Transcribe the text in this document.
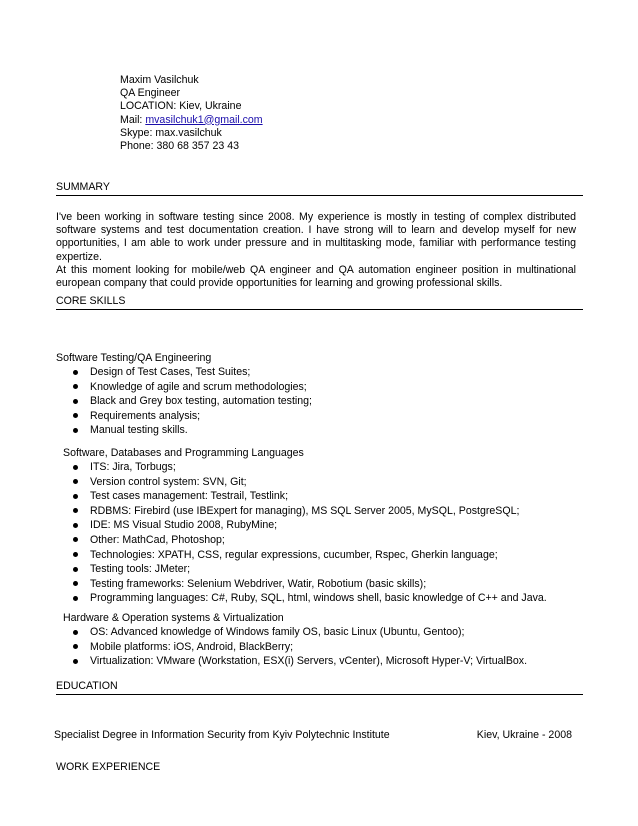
Maxim Vasilchuk
QA Engineer
LOCATION: Kiev, Ukraine
Mail: mvasilchuk1@gmail.com
Skype: max.vasilchuk
Phone: 380 68 357 23 43
SUMMARY

I've been working in software testing since 2008. My experience is mostly in testing of complex distributed software systems and test documentation creation. I have strong will to learn and develop myself for new opportunities, I am able to work under pressure and in multitasking mode, familiar with performance testing expertize.

At this moment looking for mobile/web QA engineer and QA automation engineer position in multinational european company that could provide opportunities for learning and growing professional skills.

CORE SKILLS
Software Testing/QA Engineering
Design of Test Cases, Test Suites;
Knowledge of agile and scrum methodologies;
Black and Grey box testing, automation testing;
Requirements analysis;
Manual testing skills.
Software, Databases and Programming Languages
ITS: Jira, Torbugs;
Version control system: SVN, Git;
Test cases management: Testrail, Testlink;
RDBMS: Firebird (use IBExpert for managing), MS SQL Server 2005, MySQL, PostgreSQL;
IDE: MS Visual Studio 2008, RubyMine;
Other: MathCad, Photoshop;
Technologies: XPATH, CSS, regular expressions, cucumber, Rspec, Gherkin language;
Testing tools: JMeter;
Testing frameworks: Selenium Webdriver, Watir, Robotium (basic skills);
Programming languages: C#, Ruby, SQL, html, windows shell, basic knowledge of C++ and Java.
Hardware & Operation systems & Virtualization
OS: Advanced knowledge of Windows family OS, basic Linux (Ubuntu, Gentoo);
Mobile platforms: iOS, Android, BlackBerry;
Virtualization: VMware (Workstation, ESX(i) Servers, vCenter), Microsoft Hyper-V; VirtualBox.
EDUCATION
Specialist Degree in Information Security from Kyiv Polytechnic Institute	Kiev, Ukraine - 2008
WORK EXPERIENCE
